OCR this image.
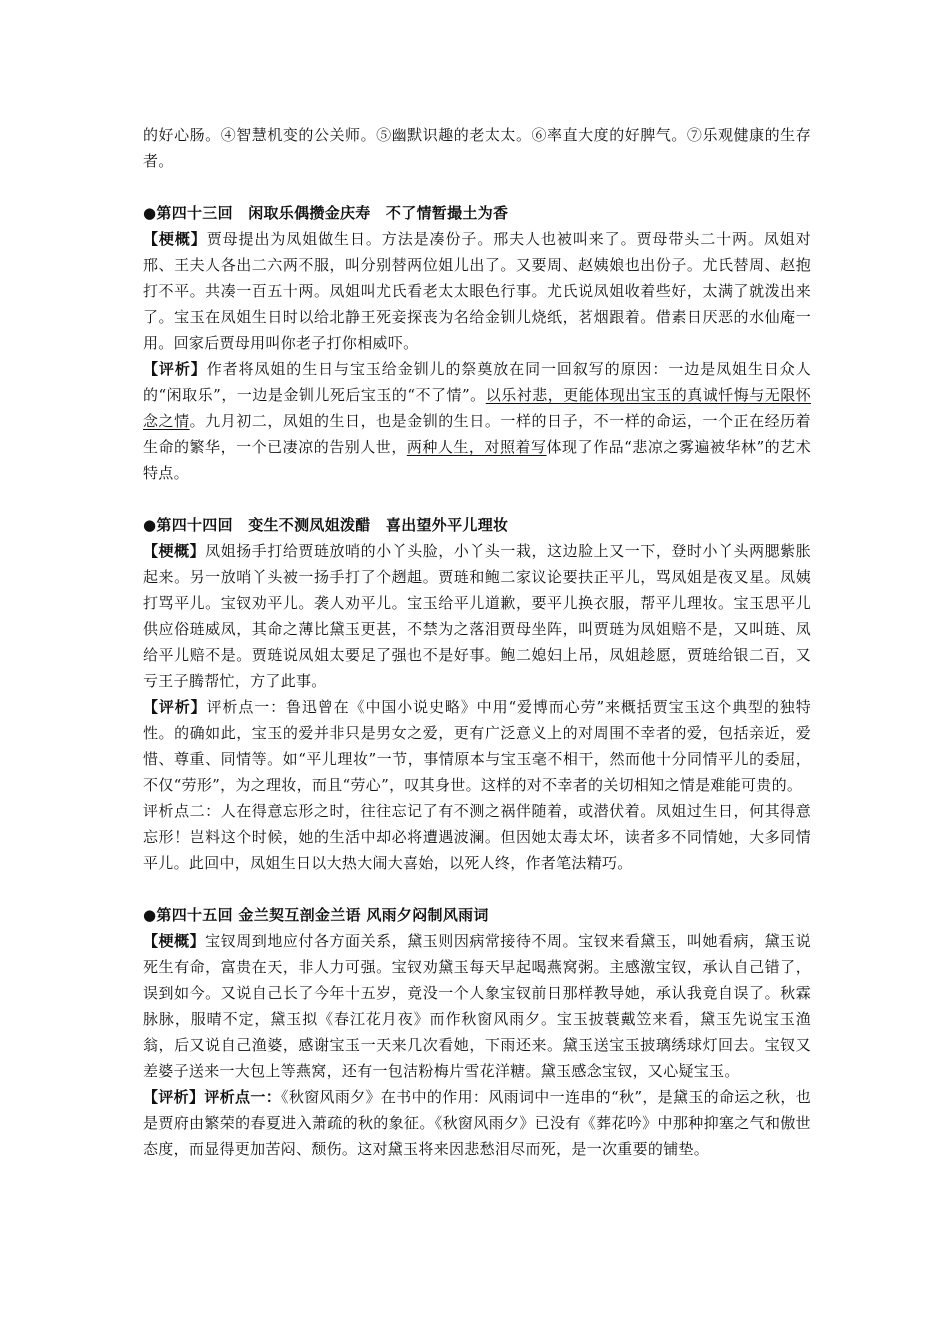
的好心肠。④智慧机变的公关师。⑤幽默识趣的老太太。⑥率直大度的好脾气。⑦乐观健康的生存者。

●第四十三回　闲取乐偶攒金庆寿　不了情暂撮土为香

【梗概】贾母提出为凤姐做生日。方法是凑份子。邢夫人也被叫来了。贾母带头二十两。凤姐对邢、王夫人各出二六两不服，叫分别替两位姐儿出了。又要周、赵姨娘也出份子。尤氏替周、赵抱打不平。共凑一百五十两。凤姐叫尤氏看老太太眼色行事。尤氏说凤姐收着些好，太满了就泼出来了。宝玉在凤姐生日时以给北静王死妾探丧为名给金钏儿烧纸，茗烟跟着。借素日厌恶的水仙庵一用。回家后贾母用叫你老子打你相威吓。

【评析】作者将凤姐的生日与宝玉给金钏儿的祭奠放在同一回叙写的原因：一边是凤姐生日众人的“闲取乐”，一边是金钏儿死后宝玉的“不了情”。以乐衬悲，更能体现出宝玉的真诚忏悔与无限怀念之情。九月初二，凤姐的生日，也是金钏的生日。一样的日子，不一样的命运，一个正在经历着生命的繁华，一个已凄凉的告别人世，两种人生，对照着写体现了作品“悲凉之雾遍被华林”的艺术特点。

●第四十四回　变生不测凤姐泼醋　喜出望外平儿理妆

【梗概】凤姐扬手打给贾琏放哨的小丫头脸，小丫头一栽，这边脸上又一下，登时小丫头两腮紫胀起来。另一放哨丫头被一扬手打了个趔趄。贾琏和鲍二家议论要扶正平儿，骂凤姐是夜叉星。凤姨打骂平儿。宝钗劝平儿。袭人劝平儿。宝玉给平儿道歉，要平儿换衣服，帮平儿理妆。宝玉思平儿供应俗琏威凤，其命之薄比黛玉更甚，不禁为之落泪贾母坐阵，叫贾琏为凤姐赔不是，又叫琏、凤给平儿赔不是。贾琏说凤姐太要足了强也不是好事。鲍二媳妇上吊，凤姐趁愿，贾琏给银二百，又亏王子腾帮忙，方了此事。

【评析】评析点一：鲁迅曾在《中国小说史略》中用“爱博而心劳”来概括贾宝玉这个典型的独特性。的确如此，宝玉的爱并非只是男女之爱，更有广泛意义上的对周围不幸者的爱，包括亲近，爱惜、尊重、同情等。如“平儿理妆”一节，事情原本与宝玉毫不相干，然而他十分同情平儿的委屈，不仅“劳形”，为之理妆，而且“劳心”，叹其身世。这样的对不幸者的关切相知之情是难能可贵的。

评析点二：人在得意忘形之时，往往忘记了有不测之祸伴随着，或潜伏着。凤姐过生日，何其得意忘形！岂料这个时候，她的生活中却必将遭遇波澜。但因她太毒太坏，读者多不同情她，大多同情平儿。此回中，凤姐生日以大热大闹大喜始，以死人终，作者笔法精巧。

●第四十五回 金兰契互剖金兰语 风雨夕闷制风雨词

【梗概】宝钗周到地应付各方面关系，黛玉则因病常接待不周。宝钗来看黛玉，叫她看病，黛玉说死生有命，富贵在天，非人力可强。宝钗劝黛玉每天早起喝燕窝粥。主感激宝钗，承认自己错了，误到如今。又说自己长了今年十五岁，竟没一个人象宝钗前日那样教导她，承认我竟自误了。秋霖脉脉，服晴不定，黛玉拟《春江花月夜》而作秋窗风雨夕。宝玉披蓑戴笠来看，黛玉先说宝玉渔翁，后又说自己渔婆，感谢宝玉一天来几次看她，下雨还来。黛玉送宝玉披璃绣球灯回去。宝钗又差婆子送来一大包上等燕窝，还有一包洁粉梅片雪花洋糖。黛玉感念宝钗，又心疑宝玉。

【评析】评析点一：《秋窗风雨夕》在书中的作用：风雨词中一连串的“秋”，是黛玉的命运之秋，也是贾府由繁荣的春夏进入萧疏的秋的象征。《秋窗风雨夕》已没有《葬花吟》中那种抑塞之气和傲世态度，而显得更加苦闷、颓伤。这对黛玉将来因悲愁泪尽而死，是一次重要的铺垫。
